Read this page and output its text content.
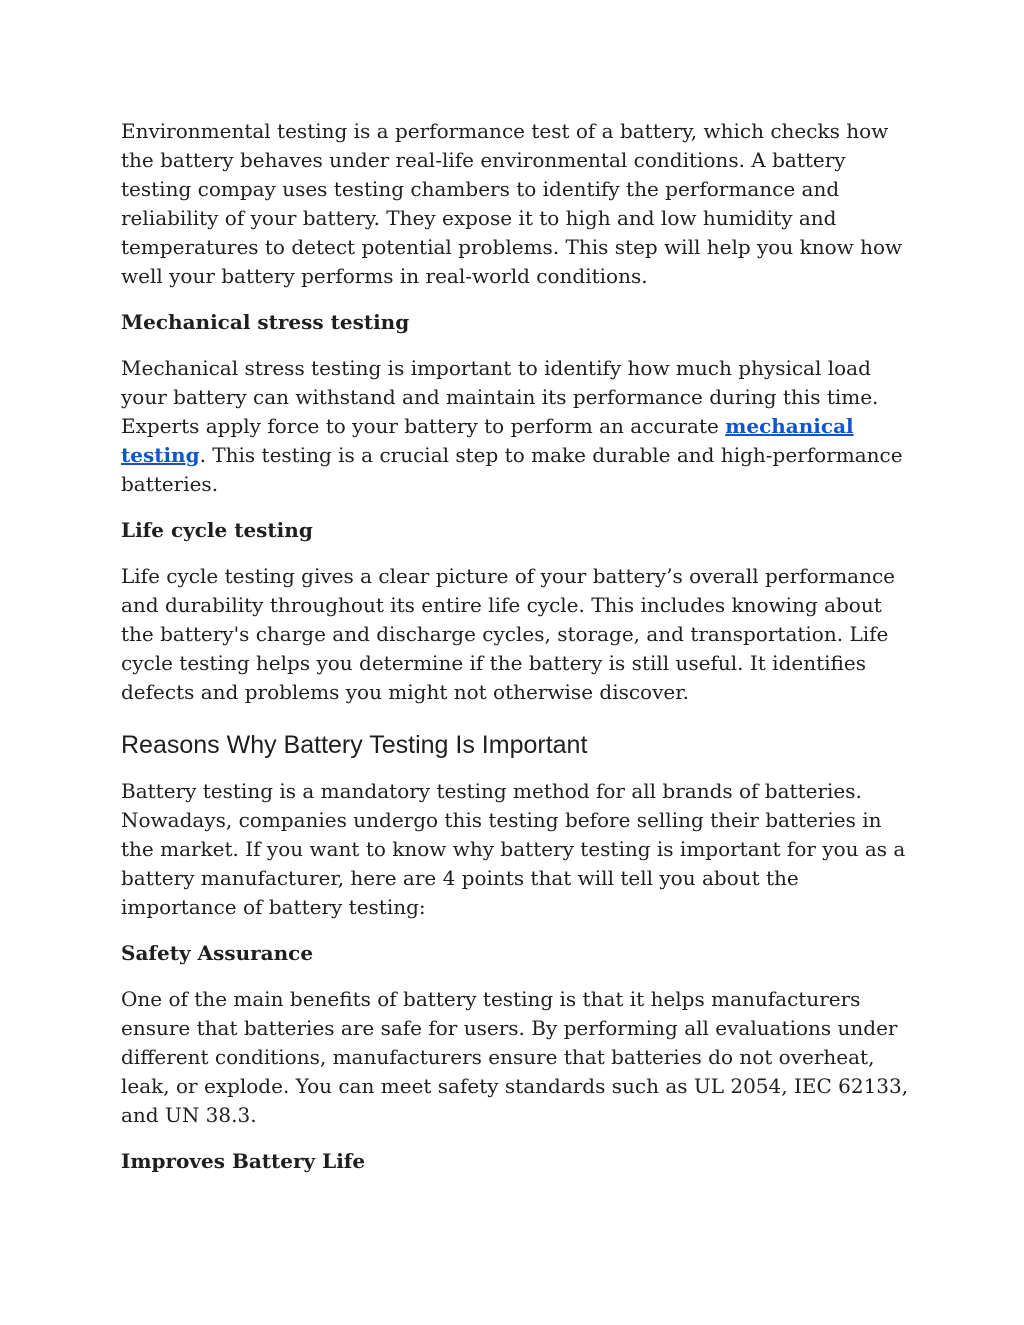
Environmental testing is a performance test of a battery, which checks how the battery behaves under real-life environmental conditions. A battery testing compay uses testing chambers to identify the performance and reliability of your battery. They expose it to high and low humidity and temperatures to detect potential problems. This step will help you know how well your battery performs in real-world conditions.

Mechanical stress testing

Mechanical stress testing is important to identify how much physical load your battery can withstand and maintain its performance during this time. Experts apply force to your battery to perform an accurate mechanical testing. This testing is a crucial step to make durable and high-performance batteries.

Life cycle testing

Life cycle testing gives a clear picture of your battery’s overall performance and durability throughout its entire life cycle. This includes knowing about the battery's charge and discharge cycles, storage, and transportation. Life cycle testing helps you determine if the battery is still useful. It identifies defects and problems you might not otherwise discover.

Reasons Why Battery Testing Is Important

Battery testing is a mandatory testing method for all brands of batteries. Nowadays, companies undergo this testing before selling their batteries in the market. If you want to know why battery testing is important for you as a battery manufacturer, here are 4 points that will tell you about the importance of battery testing:

Safety Assurance

One of the main benefits of battery testing is that it helps manufacturers ensure that batteries are safe for users. By performing all evaluations under different conditions, manufacturers ensure that batteries do not overheat, leak, or explode. You can meet safety standards such as UL 2054, IEC 62133, and UN 38.3.

Improves Battery Life
